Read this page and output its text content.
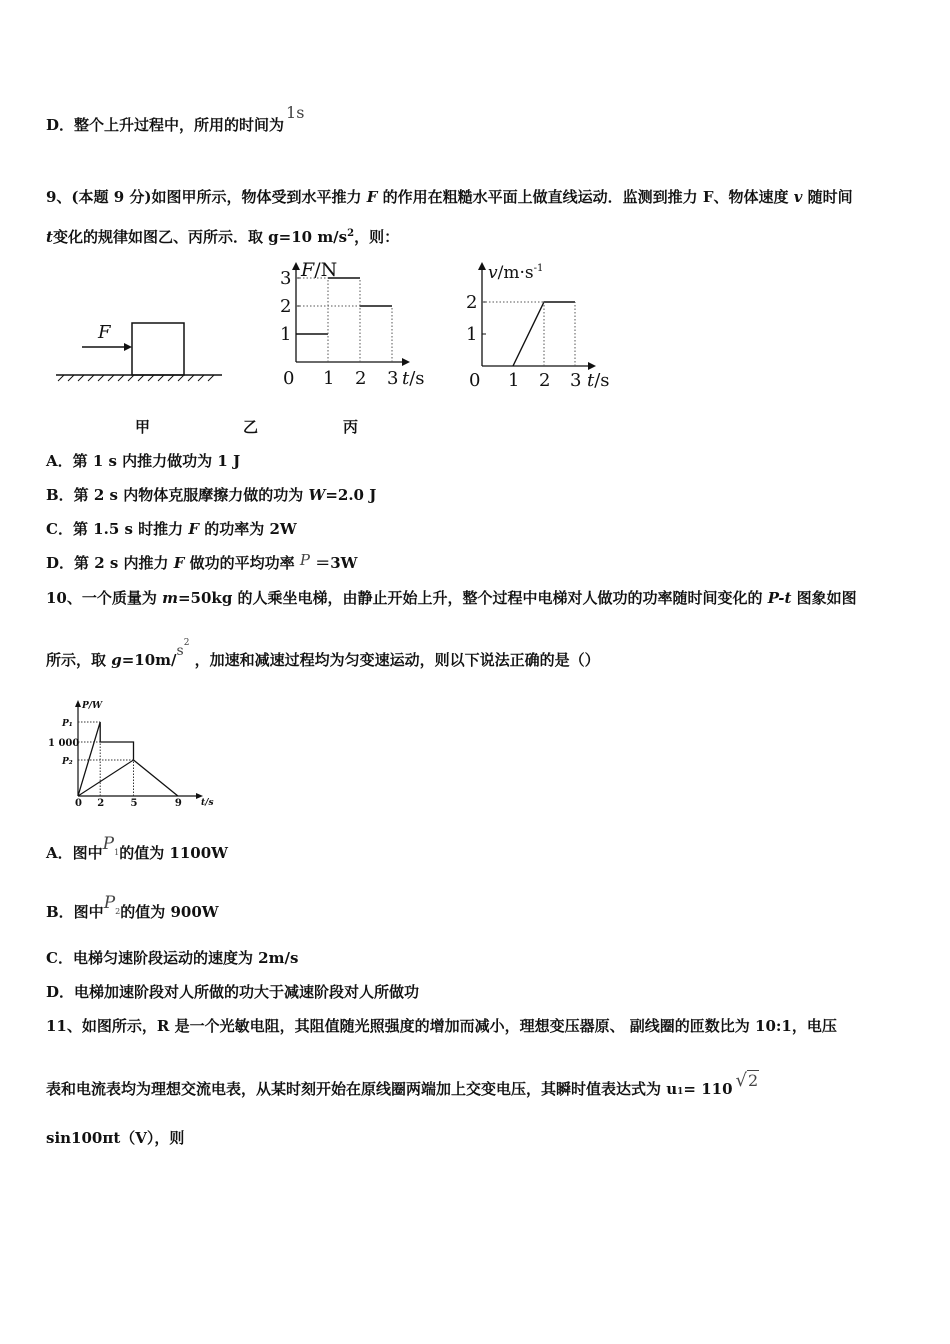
D．整个上升过程中，所用的时间为1s
9、(本题 9 分)如图甲所示，物体受到水平推力 F 的作用在粗糙水平面上做直线运动．监测到推力 F、物体速度 v 随时间
t变化的规律如图乙、丙所示．取 g=10 $m/s^2$，则：
F
0 1 2 3
1
2
3 F/N
t/s 0 1 2 3
1
2
$v/m\cdot s^{-1}$
t/s
甲	乙	丙
A．第 1 s 内推力做功为 1 J
B．第 2 s 内物体克服摩擦力做的功为 W=2.0 J
C．第 1.5 s 时推力 F 的功率为 2W
D．第 2 s 内推力 F 做功的平均功率 P ＝3W
10、一个质量为 m=50kg 的人乘坐电梯，由静止开始上升，整个过程中电梯对人做功的功率随时间变化的 P-t 图象如图
所示，取 g=10m/s2 ，加速和减速过程均为匀变速运动，则以下说法正确的是（）
P/W
t/s
0 2	5	9
P₁
1 000
P₂
A．图中P1的值为 1100W
B．图中P2的值为 900W
C．电梯匀速阶段运动的速度为 2m/s
D．电梯加速阶段对人所做的功大于减速阶段对人所做功
11、如图所示，R 是一个光敏电阻，其阻值随光照强度的增加而减小，理想变压器原、 副线圈的匝数比为 10:1，电压
表和电流表均为理想交流电表，从某时刻开始在原线圈两端加上交变电压，其瞬时值表达式为 u1= 110 √2
sin100πt（V），则
